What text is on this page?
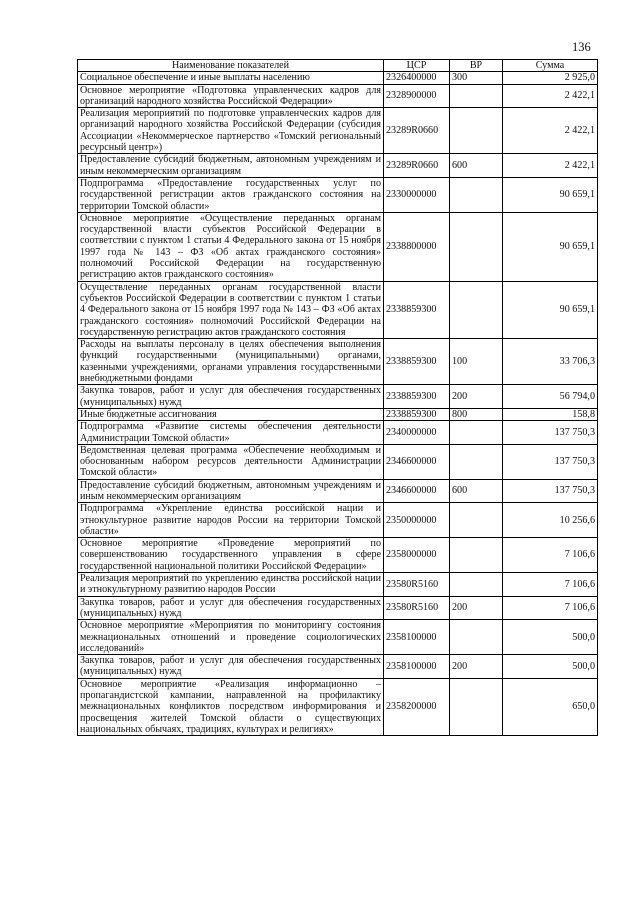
136
Наименование показателей	ЦСР	ВР	Сумма
Социальное обеспечение и иные выплаты населению	2326400000	300	2 925,0
Основное мероприятие «Подготовка управленческих кадров для организаций народного хозяйства Российской Федерации»	2328900000		2 422,1
Реализация мероприятий по подготовке управленческих кадров для организаций народного хозяйства Российской Федерации (субсидия Ассоциации «Некоммерческое партнерство «Томский региональный ресурсный центр»)	23289R0660		2 422,1
Предоставление субсидий бюджетным, автономным учреждениям и иным некоммерческим организациям	23289R0660	600	2 422,1
Подпрограмма «Предоставление государственных услуг по государственной регистрации актов гражданского состояния на территории Томской области»	2330000000		90 659,1
Основное мероприятие «Осуществление переданных органам государственной власти субъектов Российской Федерации в соответствии с пунктом 1 статьи 4 Федерального закона от 15 ноября 1997 года № 143 – ФЗ «Об актах гражданского состояния» полномочий Российской Федерации на государственную регистрацию актов гражданского состояния»	2338800000		90 659,1
Осуществление переданных органам государственной власти субъектов Российской Федерации в соответствии с пунктом 1 статьи 4 Федерального закона от 15 ноября 1997 года № 143 – ФЗ «Об актах гражданского состояния» полномочий Российской Федерации на государственную регистрацию актов гражданского состояния	2338859300		90 659,1
Расходы на выплаты персоналу в целях обеспечения выполнения функций государственными (муниципальными) органами, казенными учреждениями, органами управления государственными внебюджетными фондами	2338859300	100	33 706,3
Закупка товаров, работ и услуг для обеспечения государственных (муниципальных) нужд	2338859300	200	56 794,0
Иные бюджетные ассигнования	2338859300	800	158,8
Подпрограмма «Развитие системы обеспечения деятельности Администрации Томской области»	2340000000		137 750,3
Ведомственная целевая программа «Обеспечение необходимым и обоснованным набором ресурсов деятельности Администрации Томской области»	2346600000		137 750,3
Предоставление субсидий бюджетным, автономным учреждениям и иным некоммерческим организациям	2346600000	600	137 750,3
Подпрограмма «Укрепление единства российской нации и этнокультурное развитие народов России на территории Томской области»	2350000000		10 256,6
Основное мероприятие «Проведение мероприятий по совершенствованию государственного управления в сфере государственной национальной политики Российской Федерации»	2358000000		7 106,6
Реализация мероприятий по укреплению единства российской нации и этнокультурному развитию народов России	23580R5160		7 106,6
Закупка товаров, работ и услуг для обеспечения государственных (муниципальных) нужд	23580R5160	200	7 106,6
Основное мероприятие «Мероприятия по мониторингу состояния межнациональных отношений и проведение социологических исследований»	2358100000		500,0
Закупка товаров, работ и услуг для обеспечения государственных (муниципальных) нужд	2358100000	200	500,0
Основное мероприятие «Реализация информационно – пропагандистской кампании, направленной на профилактику межнациональных конфликтов посредством информирования и просвещения жителей Томской области о существующих национальных обычаях, традициях, культурах и религиях»	2358200000		650,0
